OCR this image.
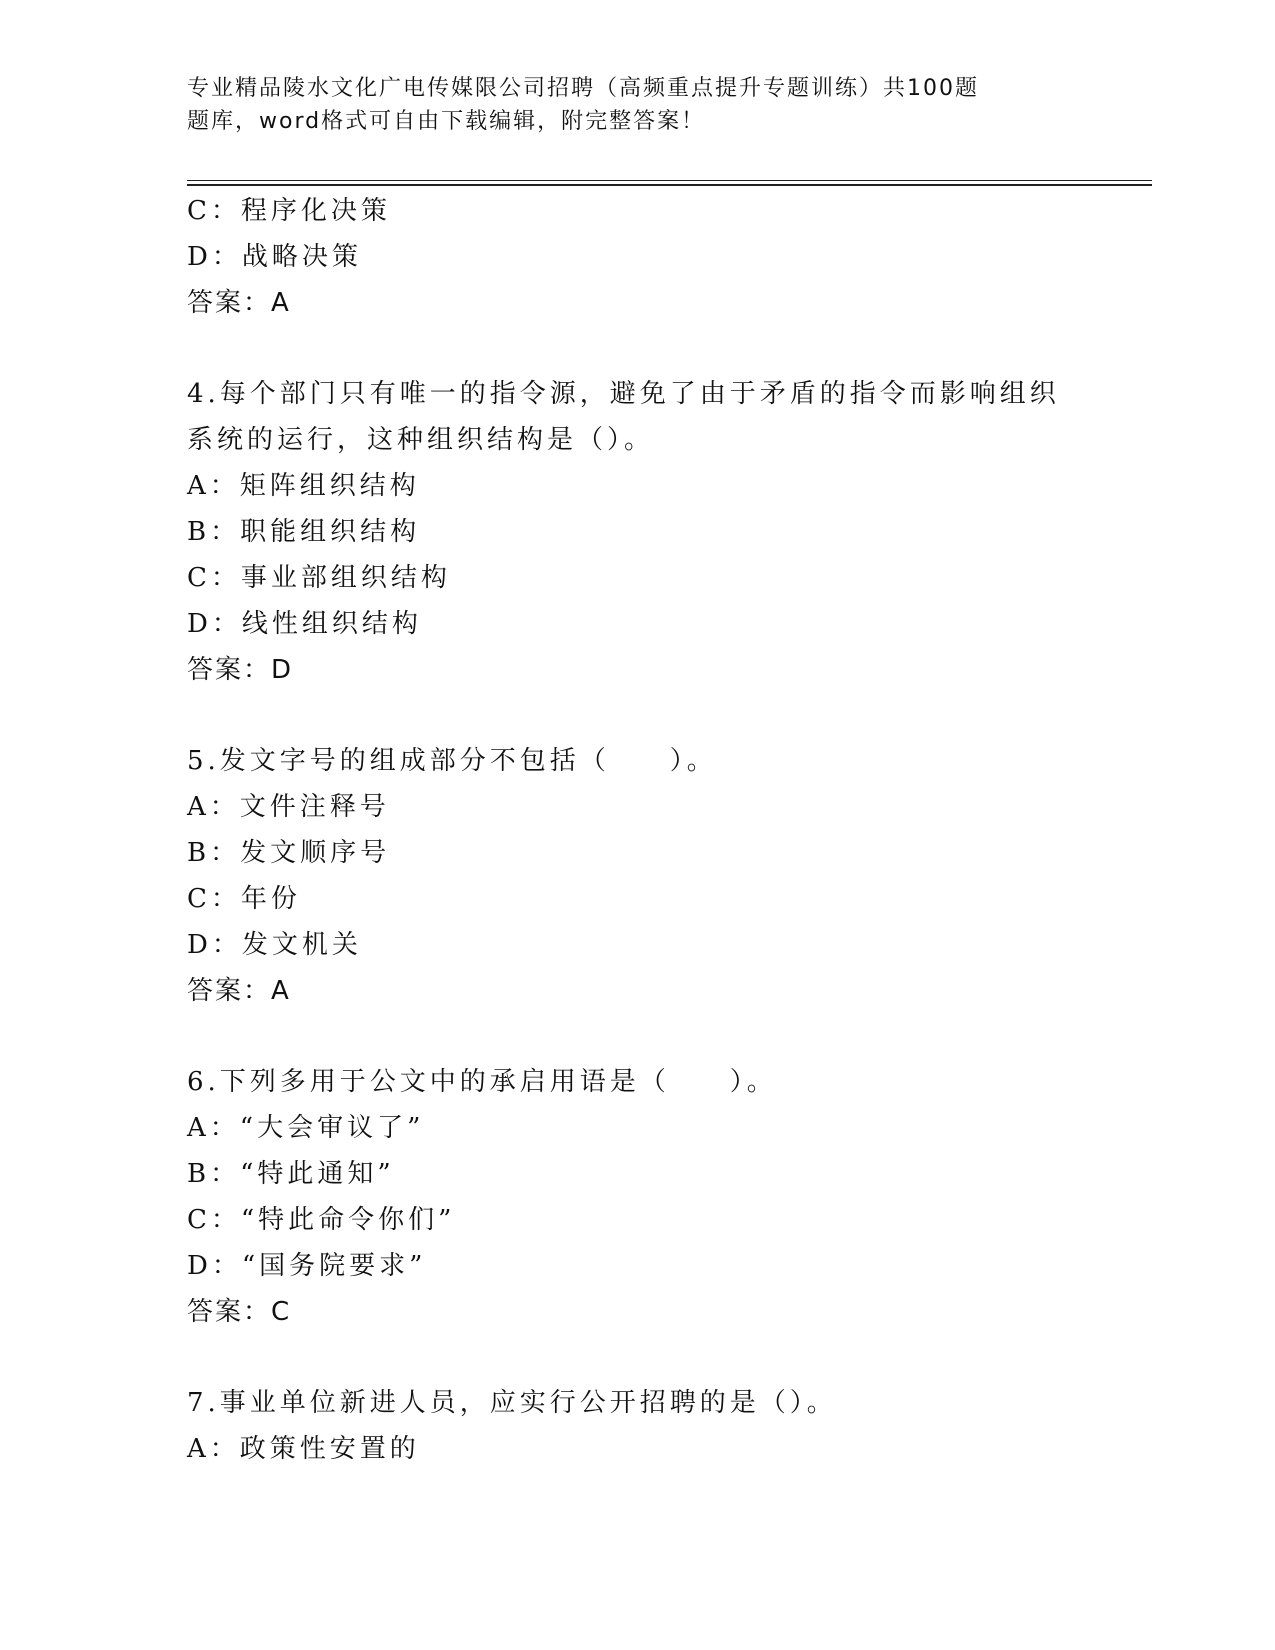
专业精品陵水文化广电传媒限公司招聘（高频重点提升专题训练）共100题
题库，word格式可自由下载编辑，附完整答案！
C：程序化决策
D：战略决策
答案：A
4.每个部门只有唯一的指令源，避免了由于矛盾的指令而影响组织系统的运行，这种组织结构是（）。
A：矩阵组织结构
B：职能组织结构
C：事业部组织结构
D：线性组织结构
答案：D
5.发文字号的组成部分不包括（　　）。
A：文件注释号
B：发文顺序号
C：年份
D：发文机关
答案：A
6.下列多用于公文中的承启用语是（　　）。
A：“大会审议了”
B：“特此通知”
C：“特此命令你们”
D：“国务院要求”
答案：C
7.事业单位新进人员，应实行公开招聘的是（）。
A：政策性安置的
